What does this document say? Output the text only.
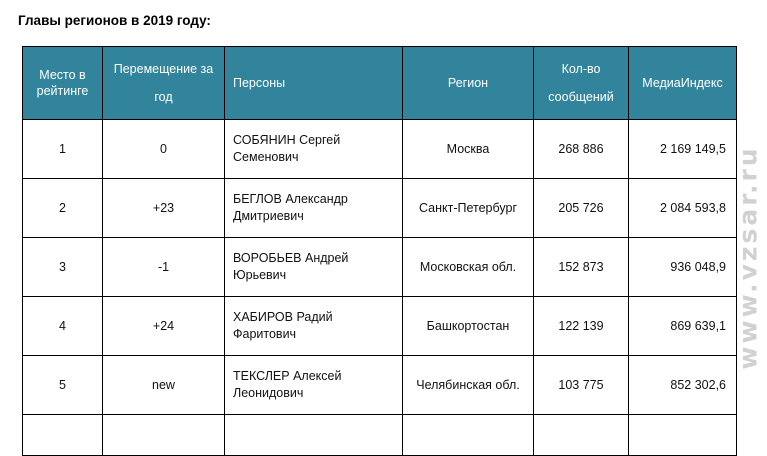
Главы регионов в 2019 году:
Место в рейтинге	Перемещение за год	Персоны	Регион	Кол-во сообщений	МедиаИндекс
1	0	СОБЯНИН Сергей Семенович	Москва	268 886	2 169 149,5
2	+23	БЕГЛОВ Александр Дмитриевич	Санкт-Петербург	205 726	2 084 593,8
3	-1	ВОРОБЬЕВ Андрей Юрьевич	Московская обл.	152 873	936 048,9
4	+24	ХАБИРОВ Радий Фаритович	Башкортостан	122 139	869 639,1
5	new	ТЕКСЛЕР Алексей Леонидович	Челябинская обл.	103 775	852 302,6

www.vzsar.ru
